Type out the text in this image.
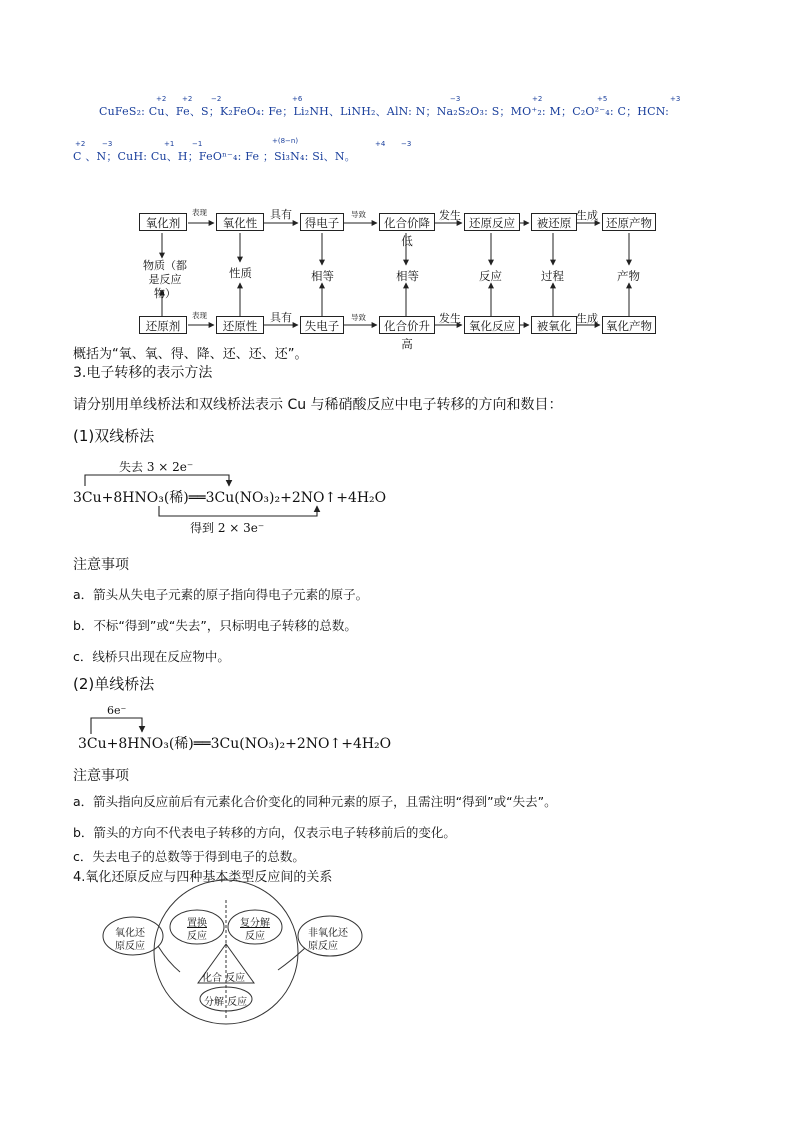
CuFeS₂: Cu、Fe、S；K₂FeO₄: Fe；Li₂NH、LiNH₂、AlN: N；Na₂S₂O₃: S；MO⁺₂: M；C₂O²⁻₄: C；HCN:
C 、N；CuH: Cu、H；FeOⁿ⁻₄: Fe ；Si₃N₄: Si、N。
+2 +2	−2	+6	−3	+2	+5	+3
+2 −3	+1	−1	+(8−n)	+4 −3
氧化剂	氧化性	得电子	化合价降低
还原反应	被还原	还原产物
还原剂	还原性	失电子	化合价升高
氧化反应	被氧化	氧化产物
表现	具有	导致	发生	生成
表现	具有	导致	发生	生成
物质（都是反应物）
性质	相等	相等	反应	过程	产物
概括为“氧、氧、得、降、还、还、还”。
3.电子转移的表示方法
请分别用单线桥法和双线桥法表示 Cu 与稀硝酸反应中电子转移的方向和数目：
(1)双线桥法
失去 3 × 2e⁻
3Cu+8HNO₃(稀)══3Cu(NO₃)₂+2NO↑+4H₂O
得到 2 × 3e⁻
注意事项
a．箭头从失电子元素的原子指向得电子元素的原子。
b．不标“得到”或“失去”，只标明电子转移的总数。
c．线桥只出现在反应物中。
(2)单线桥法
6e⁻
3Cu+8HNO₃(稀)══3Cu(NO₃)₂+2NO↑+4H₂O
注意事项
a．箭头指向反应前后有元素化合价变化的同种元素的原子，且需注明“得到”或“失去”。
b．箭头的方向不代表电子转移的方向，仅表示电子转移前后的变化。
c．失去电子的总数等于得到电子的总数。
4.氧化还原反应与四种基本类型反应间的关系
氧化还
原反应
非氧化还
原反应
置换
反应
复分解
反应
化合 反应
分解 反应
